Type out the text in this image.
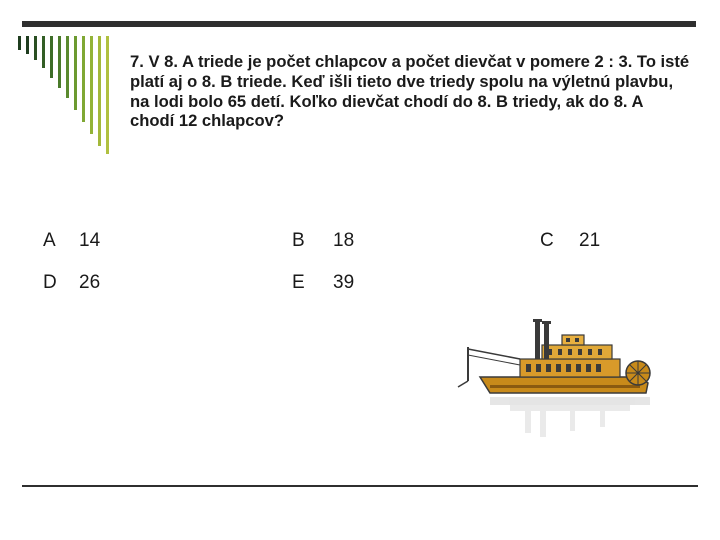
7. V 8. A triede je počet chlapcov a počet dievčat v pomere 2 : 3. To isté platí aj o 8. B triede. Keď išli tieto dve triedy spolu na výletnú plavbu, na lodi bolo 65 detí. Koľko dievčat chodí do 8. B triedy, ak do 8. A chodí 12 chlapcov?

A 14	B 18	C 21
D 26	E 39
